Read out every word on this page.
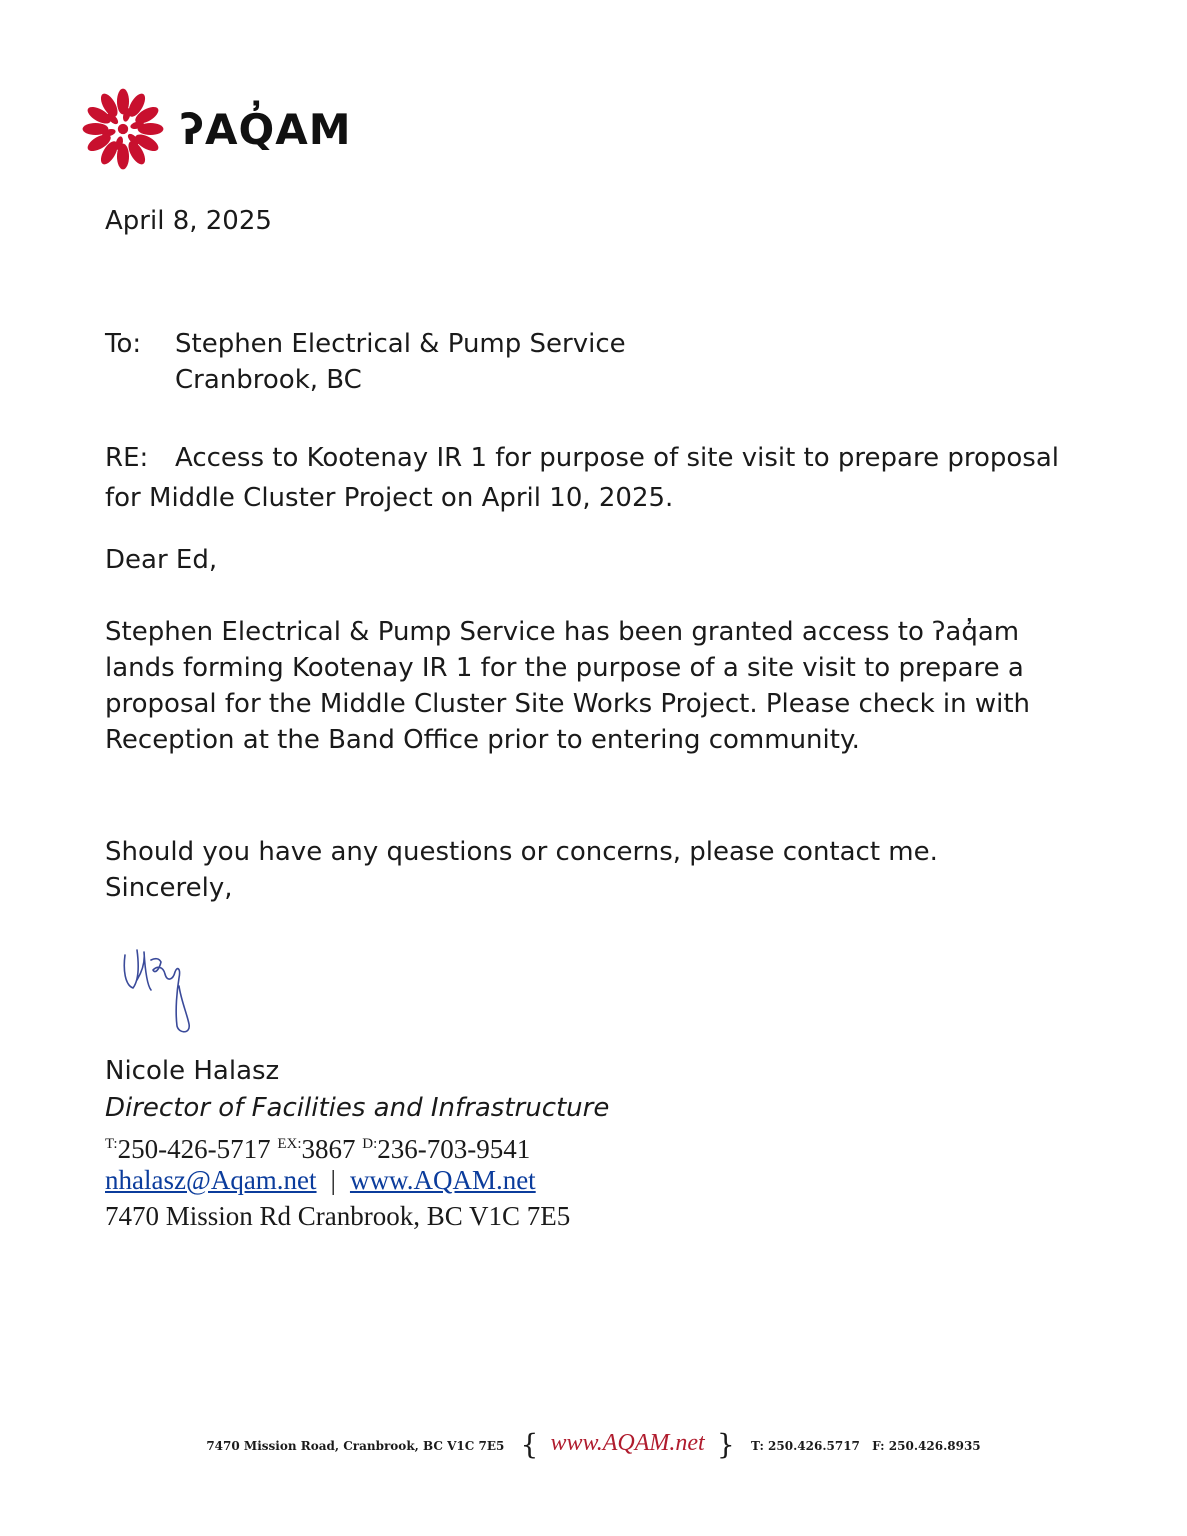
ʔAQ̓AM

April 8, 2025

To: Stephen Electrical & Pump Service
Cranbrook, BC
RE: Access to Kootenay IR 1 for purpose of site visit to prepare proposal
for Middle Cluster Project on April 10, 2025.

Dear Ed,

Stephen Electrical & Pump Service has been granted access to ʔaq̓am
lands forming Kootenay IR 1 for the purpose of a site visit to prepare a
proposal for the Middle Cluster Site Works Project. Please check in with
Reception at the Band Office prior to entering community.
Should you have any questions or concerns, please contact me.
Sincerely,

Nicole Halasz

Director of Facilities and Infrastructure

$^{T:}$250-426-5717 $^{EX:}$3867 $^{D:}$236-703-9541
nhalasz@Aqam.net | www.AQAM.net
7470 Mission Rd Cranbrook, BC V1C 7E5
7470 Mission Road, Cranbrook, BC V1C 7E5 { www.AQAM.net } T: 250.426.5717 F: 250.426.8935
